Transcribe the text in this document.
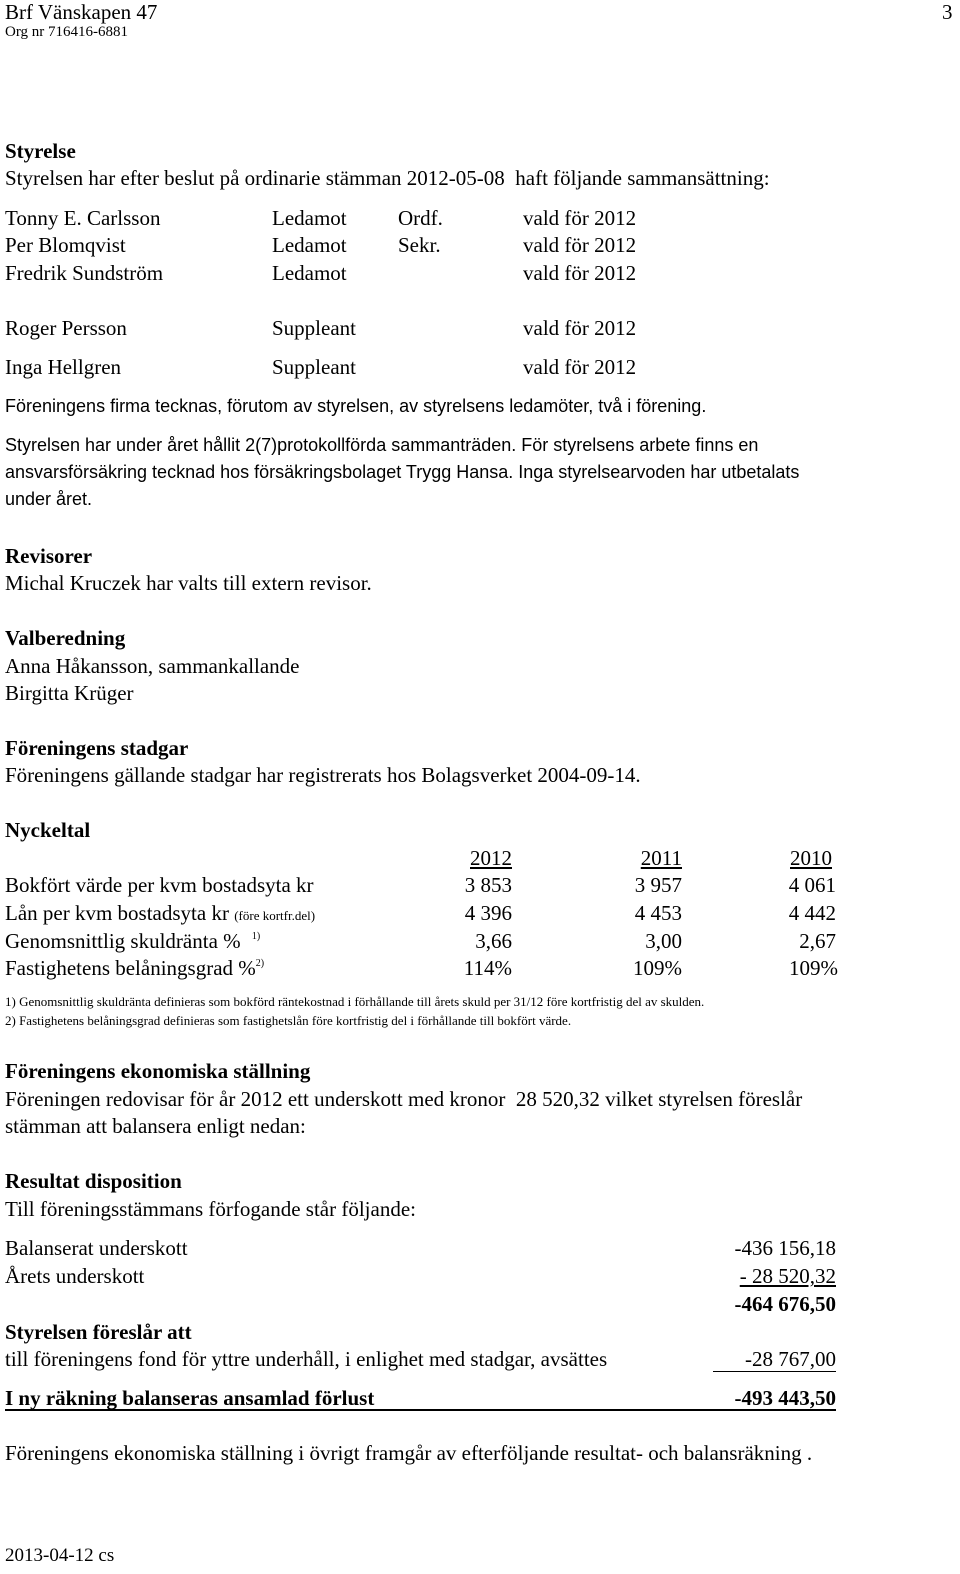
Brf Vänskapen 47
Org nr 716416-6881
3
Styrelse
Styrelsen har efter beslut på ordinarie stämman 2012-05-08  haft följande sammansättning:
Tonny E. Carlsson	Ledamot Ordf.	vald för 2012
Per Blomqvist	Ledamot Sekr.	vald för 2012
Fredrik Sundström	Ledamot	vald för 2012
Roger Persson	Suppleant	vald för 2012
Inga Hellgren	Suppleant	vald för 2012
Föreningens firma tecknas, förutom av styrelsen, av styrelsens ledamöter, två i förening.
Styrelsen har under året hållit 2(7)protokollförda sammanträden. För styrelsens arbete finns en
ansvarsförsäkring tecknad hos försäkringsbolaget Trygg Hansa. Inga styrelsearvoden har utbetalats
under året.
Revisorer
Michal Kruczek har valts till extern revisor.
Valberedning
Anna Håkansson, sammankallande
Birgitta Krüger
Föreningens stadgar
Föreningens gällande stadgar har registrerats hos Bolagsverket 2004-09-14.
Nyckeltal
2012	2011	2010
Bokfört värde per kvm bostadsyta kr	3 853	3 957	4 061
Lån per kvm bostadsyta kr (före kortfr.del)	4 396	4 453	4 442
Genomsnittlig skuldränta % $^{1)}$	3,66	3,00	2,67
Fastighetens belåningsgrad %$^{2)}$	114%	109%	109%
1) Genomsnittlig skuldränta definieras som bokförd räntekostnad i förhållande till årets skuld per 31/12 före kortfristig del av skulden.
2) Fastighetens belåningsgrad definieras som fastighetslån före kortfristig del i förhållande till bokfört värde.
Föreningens ekonomiska ställning
Föreningen redovisar för år 2012 ett underskott med kronor  28 520,32 vilket styrelsen föreslår
stämman att balansera enligt nedan:
Resultat disposition
Till föreningsstämmans förfogande står följande:
Balanserat underskott	-436 156,18
Årets underskott	- 28 520,32
-464 676,50
Styrelsen föreslår att
till föreningens fond för yttre underhåll, i enlighet med stadgar, avsättes	-28 767,00
I ny räkning balanseras ansamlad förlust	-493 443,50
Föreningens ekonomiska ställning i övrigt framgår av efterföljande resultat- och balansräkning .
2013-04-12 cs
